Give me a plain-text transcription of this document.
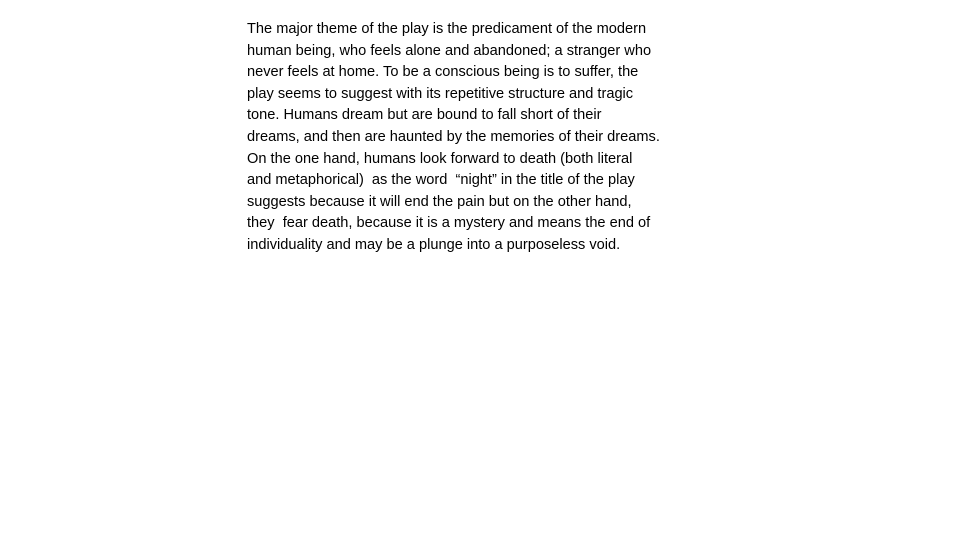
The major theme of the play is the predicament of the modern
human being, who feels alone and abandoned; a stranger who
never feels at home. To be a conscious being is to suffer, the
play seems to suggest with its repetitive structure and tragic
tone. Humans dream but are bound to fall short of their
dreams, and then are haunted by the memories of their dreams.
On the one hand, humans look forward to death (both literal
and metaphorical)  as the word  “night” in the title of the play
suggests because it will end the pain but on the other hand,
they  fear death, because it is a mystery and means the end of
individuality and may be a plunge into a purposeless void.
